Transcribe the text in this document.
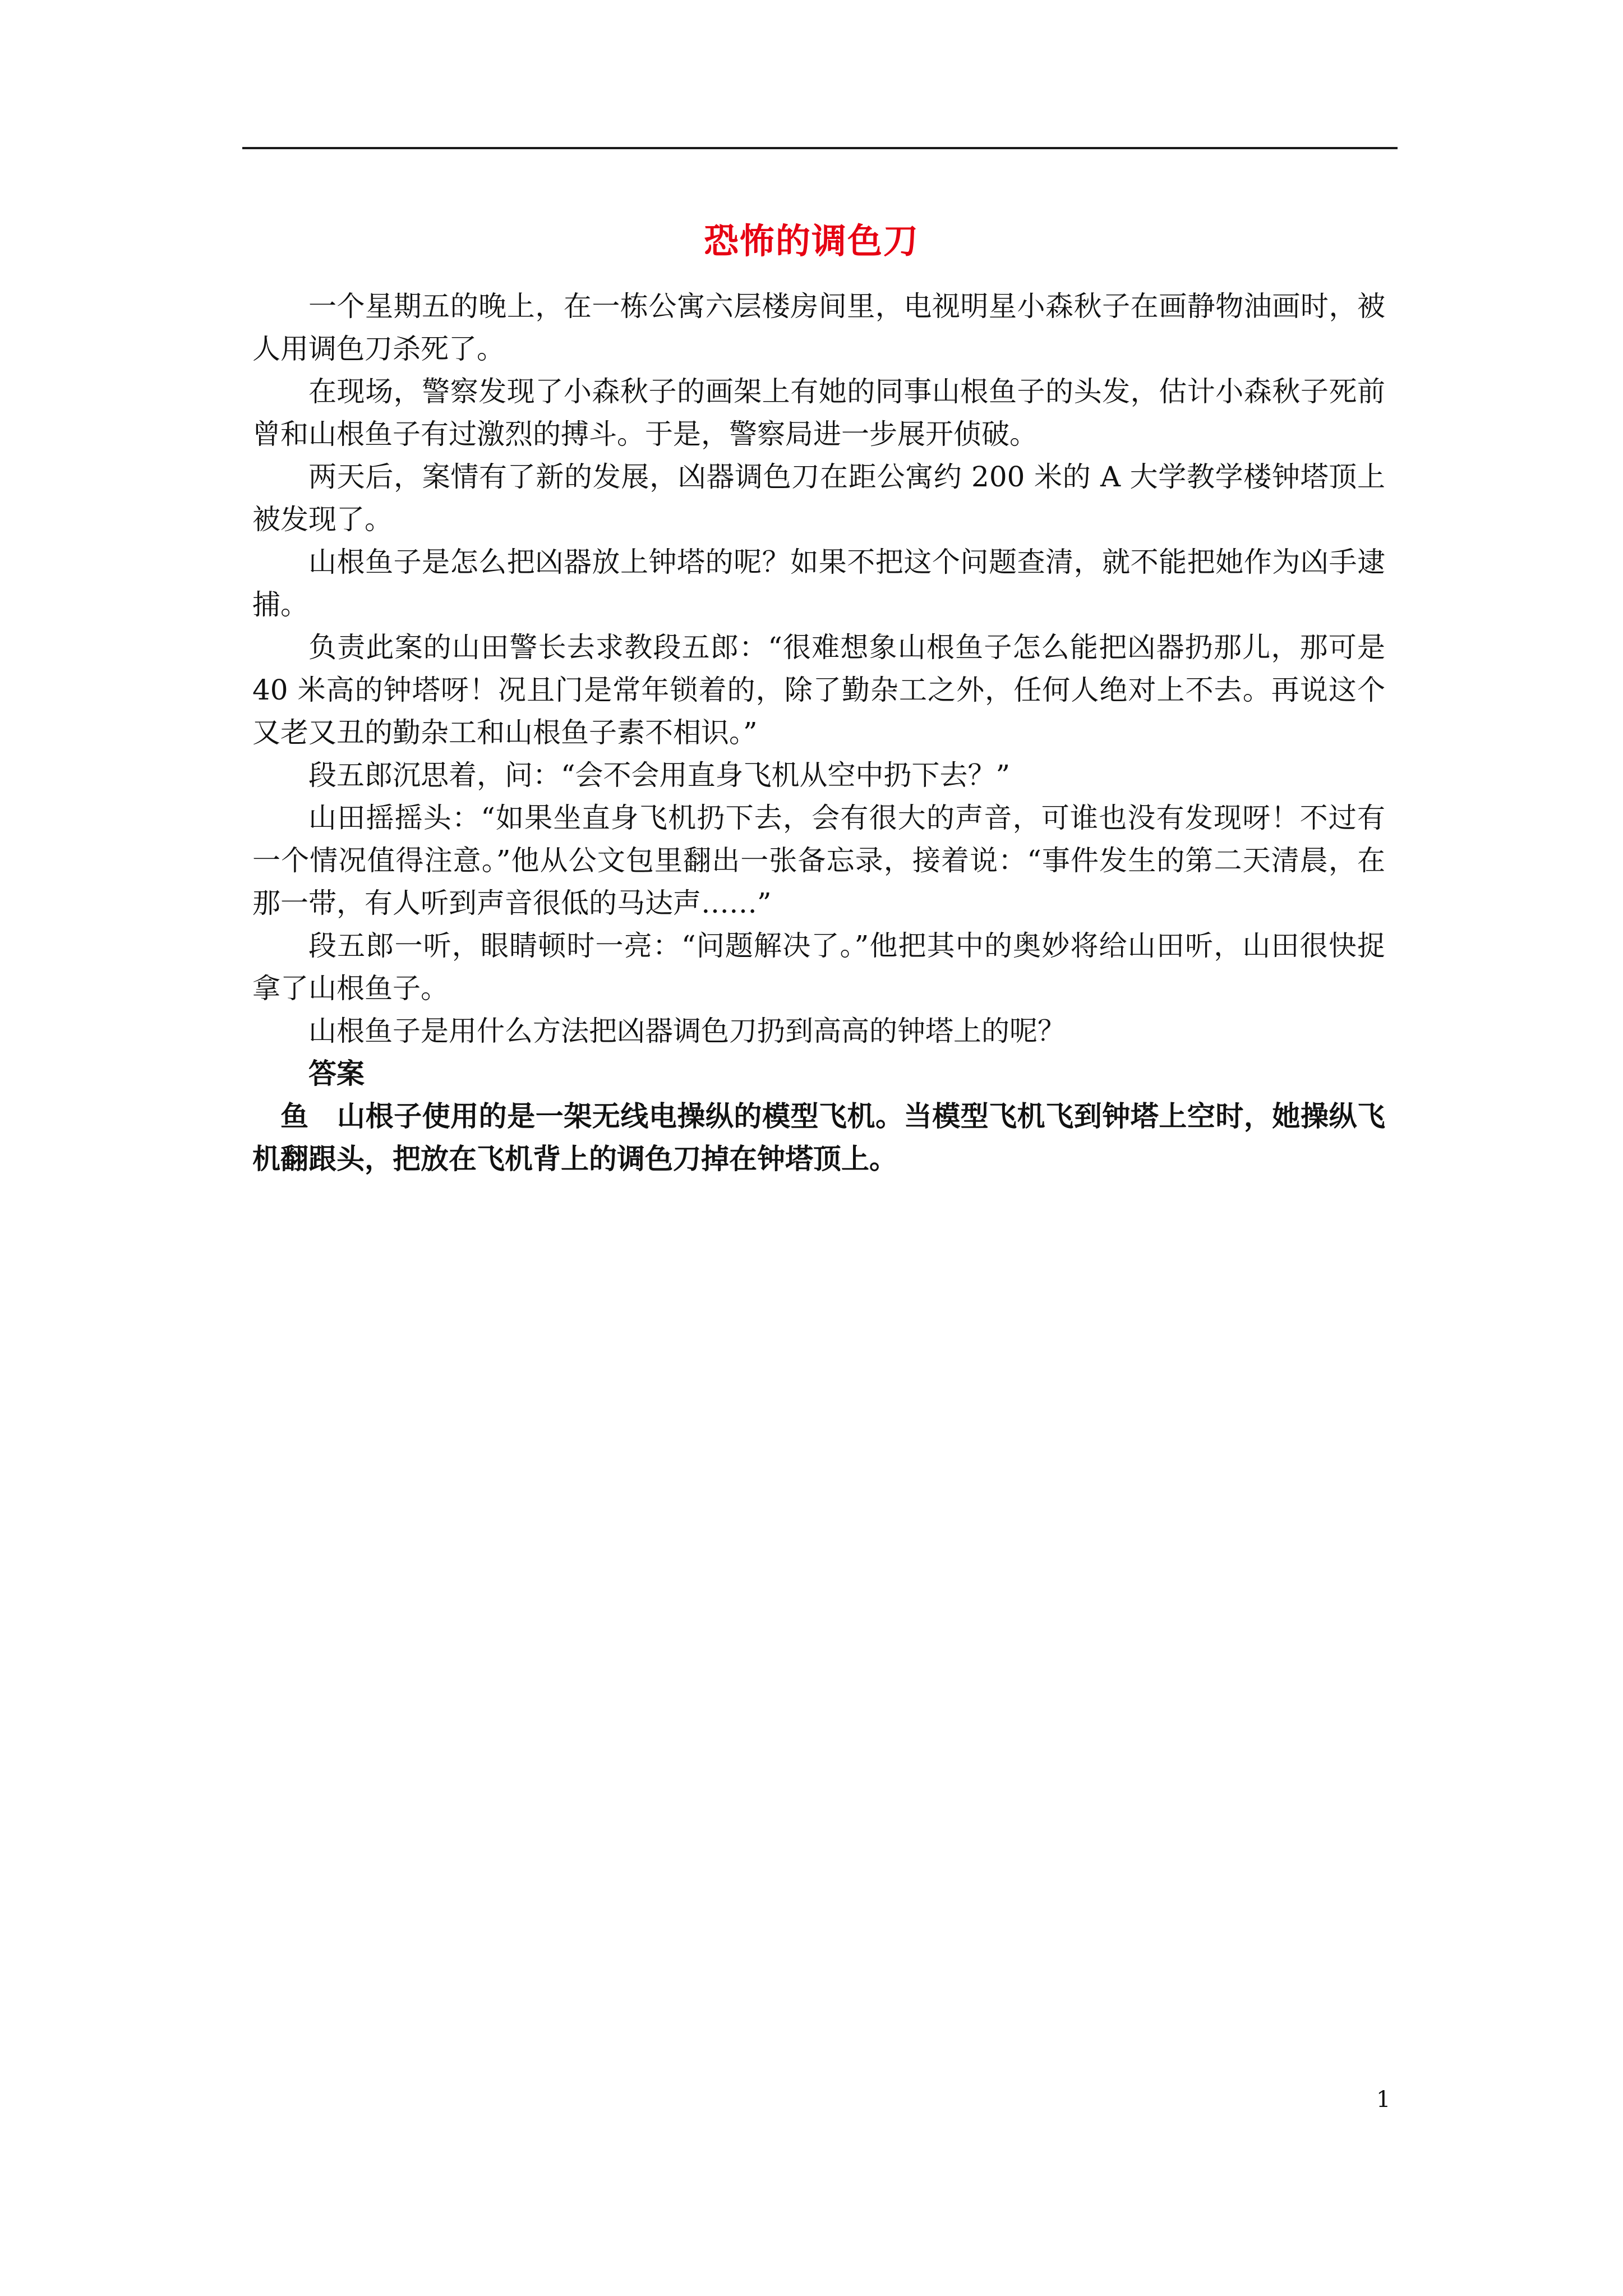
恐怖的调色刀

一个星期五的晚上，在一栋公寓六层楼房间里，电视明星小森秋子在画静物油画时，被人用调色刀杀死了。

在现场，警察发现了小森秋子的画架上有她的同事山根鱼子的头发，估计小森秋子死前曾和山根鱼子有过激烈的搏斗。于是，警察局进一步展开侦破。

两天后，案情有了新的发展，凶器调色刀在距公寓约 200 米的 A 大学教学楼钟塔顶上被发现了。

山根鱼子是怎么把凶器放上钟塔的呢？如果不把这个问题查清，就不能把她作为凶手逮捕。

负责此案的山田警长去求教段五郎：“很难想象山根鱼子怎么能把凶器扔那儿，那可是 40 米高的钟塔呀！况且门是常年锁着的，除了勤杂工之外，任何人绝对上不去。再说这个又老又丑的勤杂工和山根鱼子素不相识。”

段五郎沉思着，问：“会不会用直身飞机从空中扔下去？”

山田摇摇头：“如果坐直身飞机扔下去，会有很大的声音，可谁也没有发现呀！不过有一个情况值得注意。”他从公文包里翻出一张备忘录，接着说：“事件发生的第二天清晨，在那一带，有人听到声音很低的马达声……”

段五郎一听，眼睛顿时一亮：“问题解决了。”他把其中的奥妙将给山田听，山田很快捉拿了山根鱼子。

山根鱼子是用什么方法把凶器调色刀扔到高高的钟塔上的呢？

答案

鱼　山根子使用的是一架无线电操纵的模型飞机。当模型飞机飞到钟塔上空时，她操纵飞机翻跟头，把放在飞机背上的调色刀掉在钟塔顶上。

1
